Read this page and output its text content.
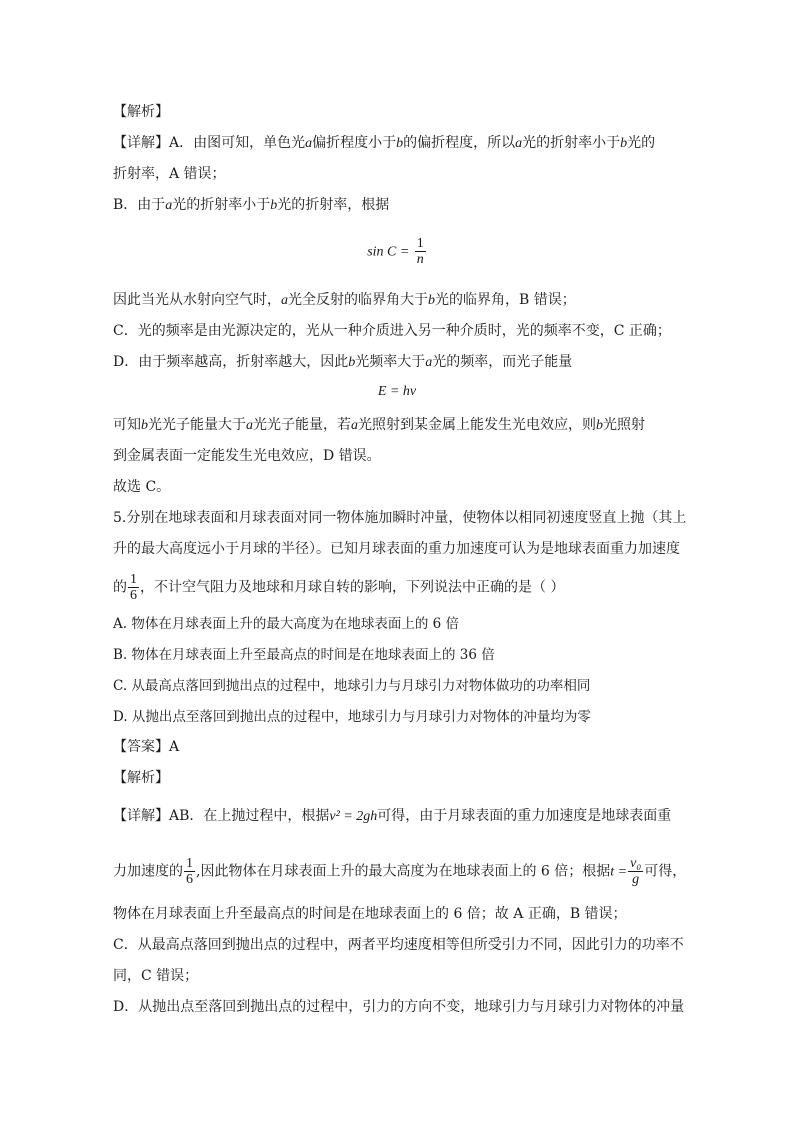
【解析】
【详解】A．由图可知，单色光a偏折程度小于b的偏折程度，所以a光的折射率小于b光的
折射率，A 错误；
B．由于a光的折射率小于b光的折射率，根据
$\sin C = \frac{1}{n}$
因此当光从水射向空气时，a光全反射的临界角大于b光的临界角，B 错误；
C．光的频率是由光源决定的，光从一种介质进入另一种介质时，光的频率不变，C 正确；
D．由于频率越高，折射率越大，因此b光频率大于a光的频率，而光子能量
E = hν
可知b光光子能量大于a光光子能量，若a光照射到某金属上能发生光电效应，则b光照射
到金属表面一定能发生光电效应，D 错误。
故选 C。
5.分别在地球表面和月球表面对同一物体施加瞬时冲量，使物体以相同初速度竖直上抛（其上
升的最大高度远小于月球的半径）。已知月球表面的重力加速度可认为是地球表面重力加速度
的 $\frac{1}{6}$ ，不计空气阻力及地球和月球自转的影响，下列说法中正确的是（ ）
A. 物体在月球表面上升的最大高度为在地球表面上的 6 倍
B. 物体在月球表面上升至最高点的时间是在地球表面上的 36 倍
C. 从最高点落回到抛出点的过程中，地球引力与月球引力对物体做功的功率相同
D. 从抛出点至落回到抛出点的过程中，地球引力与月球引力对物体的冲量均为零
【答案】A
【解析】
【详解】AB．在上抛过程中，根据v² = 2gh可得，由于月球表面的重力加速度是地球表面重
力加速度的 $\frac{1}{6}$ ,因此物体在月球表面上升的最大高度为在地球表面上的 6 倍；根据$t = \frac{\text{v₀}}{g}$ 可得，
物体在月球表面上升至最高点的时间是在地球表面上的 6 倍；故 A 正确，B 错误；
C．从最高点落回到抛出点的过程中，两者平均速度相等但所受引力不同，因此引力的功率不
同，C 错误；
D．从抛出点至落回到抛出点的过程中，引力的方向不变，地球引力与月球引力对物体的冲量
